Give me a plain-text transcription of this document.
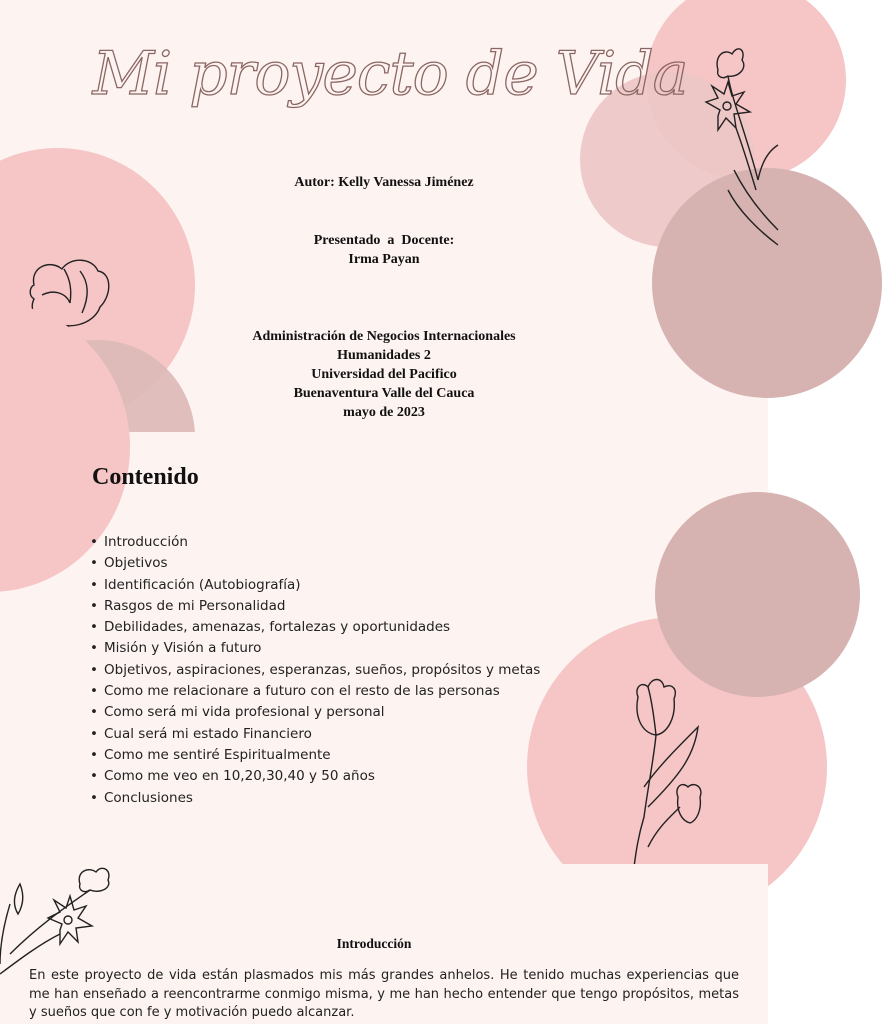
Mi proyecto de Vida
Autor: Kelly Vanessa Jiménez
Presentado  a  Docente:
Irma Payan
Administración de Negocios Internacionales
Humanidades 2
Universidad del Pacifico
Buenaventura Valle del Cauca
mayo de 2023
Contenido
• Introducción
• Objetivos
• Identificación (Autobiografía)
• Rasgos de mi Personalidad
• Debilidades, amenazas, fortalezas y oportunidades
• Misión y Visión a futuro
• Objetivos, aspiraciones, esperanzas, sueños, propósitos y metas
• Como me relacionare a futuro con el resto de las personas
• Como será mi vida profesional y personal
• Cual será mi estado Financiero
• Como me sentiré Espiritualmente
• Como me veo en 10,20,30,40 y 50 años
• Conclusiones
Introducción
En este proyecto de vida están plasmados mis más grandes anhelos. He tenido muchas experiencias que me han enseñado a reencontrarme conmigo misma, y me han hecho entender que tengo propósitos, metas y sueños que con fe y motivación puedo alcanzar.
